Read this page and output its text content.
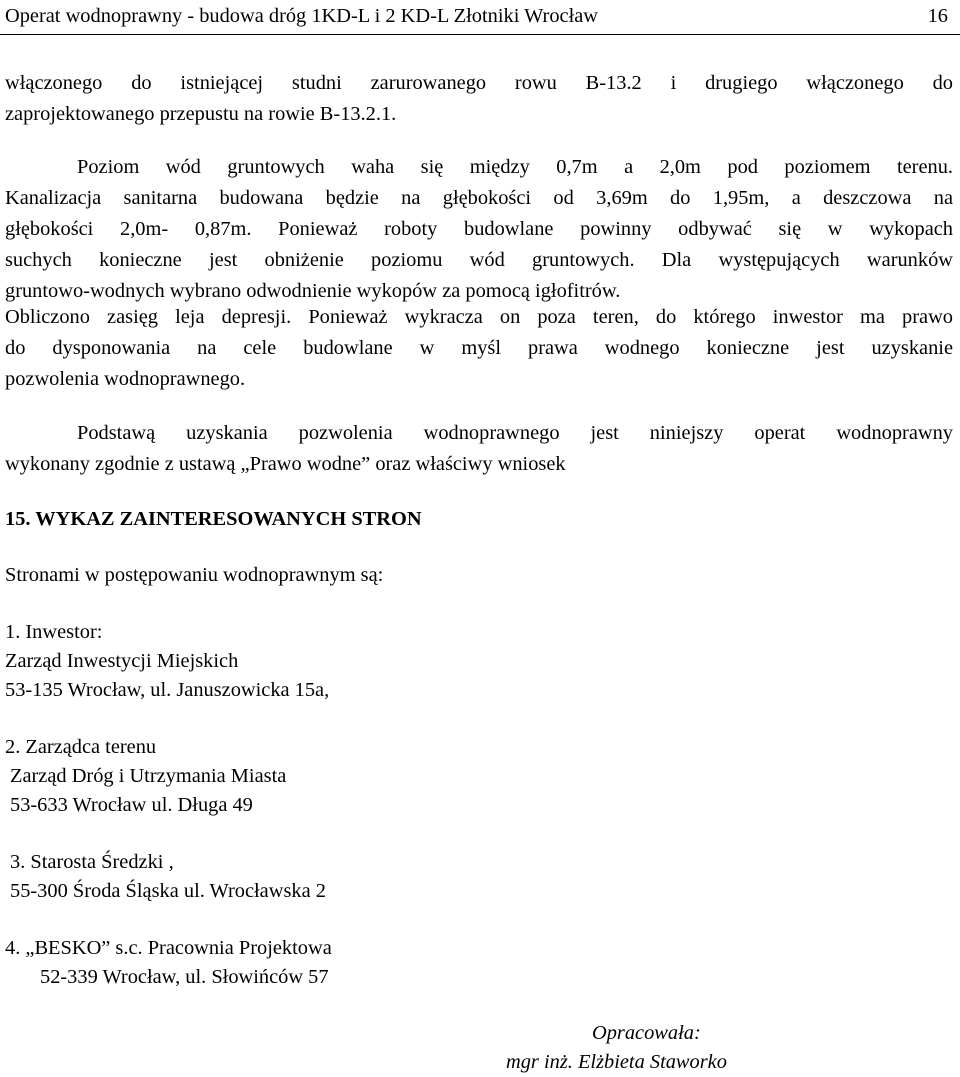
Operat wodnoprawny - budowa dróg 1KD-L i 2 KD-L Złotniki Wrocław	16

włączonego do istniejącej studni zarurowanego rowu B-13.2 i drugiego włączonego do

zaprojektowanego przepustu na rowie B-13.2.1.

Poziom wód gruntowych waha się między 0,7m a 2,0m pod poziomem terenu.

Kanalizacja sanitarna budowana będzie na głębokości od 3,69m do 1,95m, a deszczowa na

głębokości 2,0m- 0,87m. Ponieważ roboty budowlane powinny odbywać się w wykopach

suchych konieczne jest obniżenie poziomu wód gruntowych. Dla występujących warunków

gruntowo-wodnych wybrano odwodnienie wykopów za pomocą igłofitrów.

Obliczono zasięg leja depresji. Ponieważ wykracza on poza teren, do którego inwestor ma prawo

do dysponowania na cele budowlane w myśl prawa wodnego konieczne jest uzyskanie

pozwolenia wodnoprawnego.

Podstawą uzyskania pozwolenia wodnoprawnego jest niniejszy operat wodnoprawny

wykonany zgodnie z ustawą „Prawo wodne” oraz właściwy wniosek

15. WYKAZ ZAINTERESOWANYCH STRON

Stronami w postępowaniu wodnoprawnym są:

1. Inwestor:

Zarząd Inwestycji Miejskich

53-135 Wrocław, ul. Januszowicka 15a,

2. Zarządca terenu

Zarząd Dróg i Utrzymania Miasta

53-633 Wrocław ul. Długa 49

3. Starosta Średzki ,

55-300 Środa Śląska ul. Wrocławska 2

4. „BESKO” s.c. Pracownia Projektowa

52-339 Wrocław, ul. Słowińców 57

Opracowała:

mgr inż. Elżbieta Staworko
